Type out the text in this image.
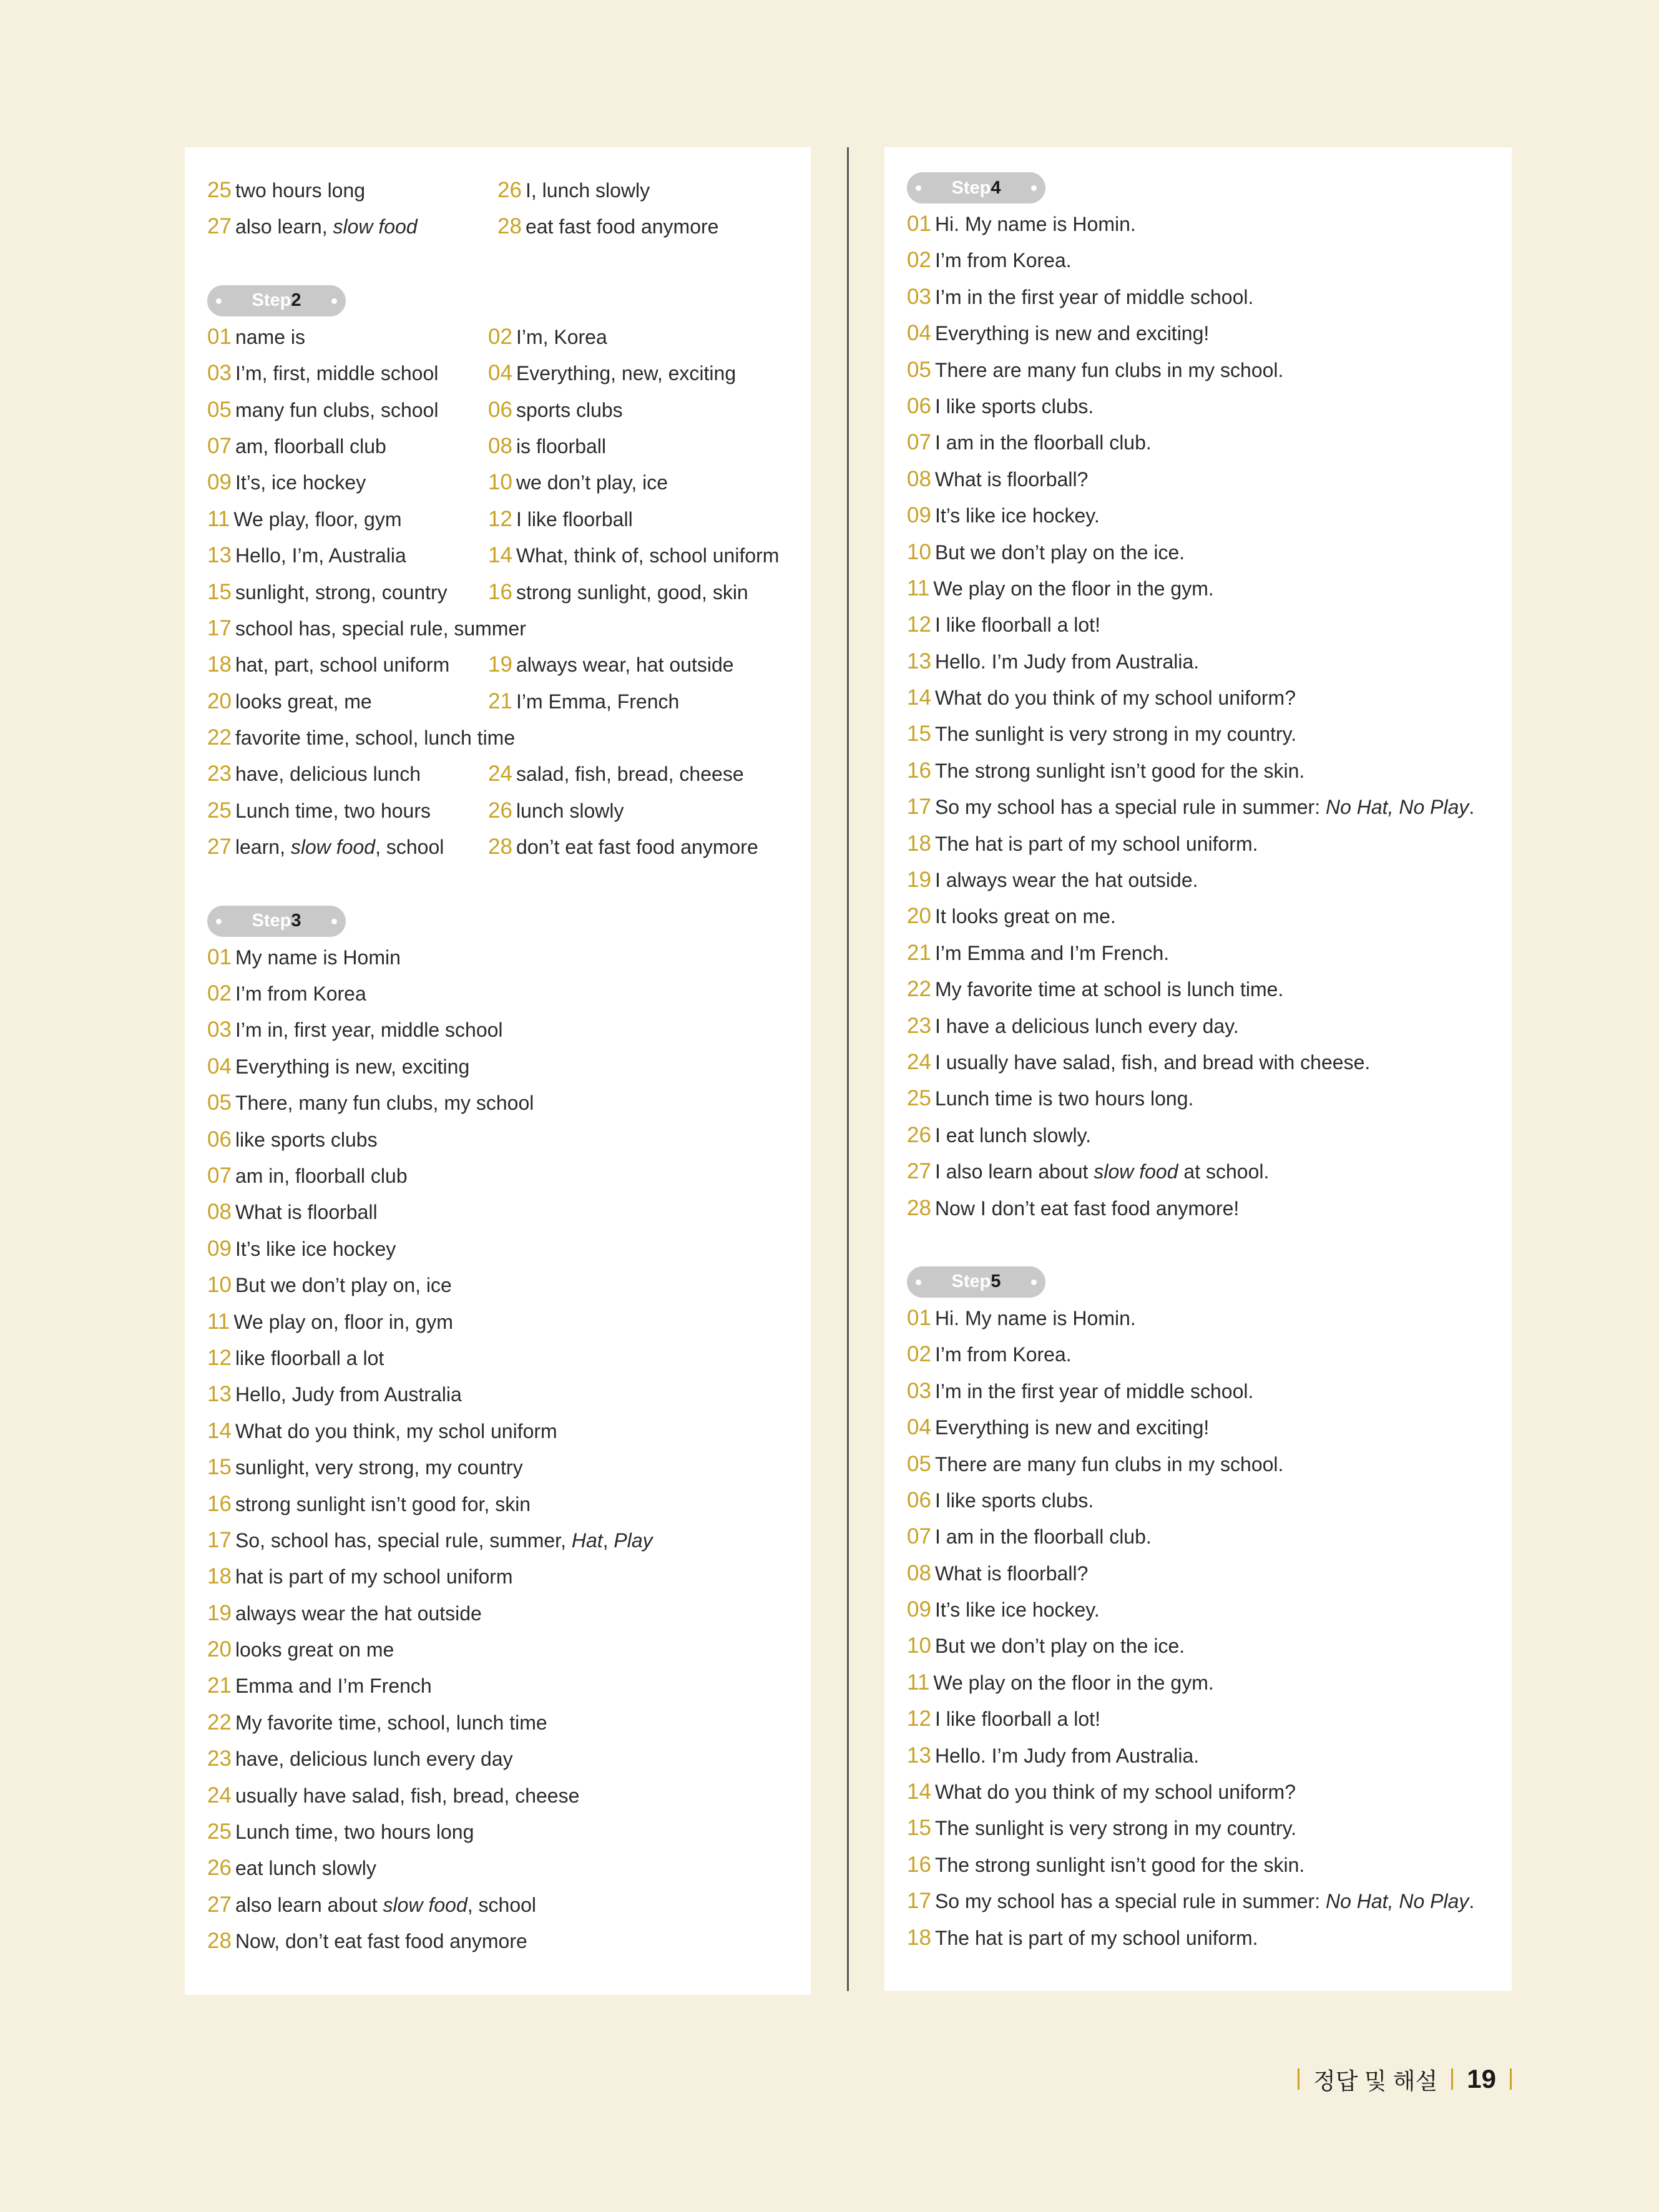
25 two hours long	26 I, lunch slowly
27 also learn, slow food	28 eat fast food anymore
Step 2
01 name is	02 I’m, Korea
03 I’m, first, middle school	04 Everything, new, exciting
05 many fun clubs, school	06 sports clubs
07 am, floorball club	08 is floorball
09 It’s, ice hockey	10 we don’t play, ice
11 We play, floor, gym	12 I like floorball
13 Hello, I’m, Australia	14 What, think of, school uniform
15 sunlight, strong, country	16 strong sunlight, good, skin
17 school has, special rule, summer
18 hat, part, school uniform	19 always wear, hat outside
20 looks great, me	21 I’m Emma, French
22 favorite time, school, lunch time
23 have, delicious lunch	24 salad, fish, bread, cheese
25 Lunch time, two hours	26 lunch slowly
27 learn, slow food, school	28 don’t eat fast food anymore
Step 3
01 My name is Homin
02 I’m from Korea
03 I’m in, first year, middle school
04 Everything is new, exciting
05 There, many fun clubs, my school
06 like sports clubs
07 am in, floorball club
08 What is floorball
09 It’s like ice hockey
10 But we don’t play on, ice
11 We play on, floor in, gym
12 like floorball a lot
13 Hello, Judy from Australia
14 What do you think, my schol uniform
15 sunlight, very strong, my country
16 strong sunlight isn’t good for, skin
17 So, school has, special rule, summer, Hat, Play
18 hat is part of my school uniform
19 always wear the hat outside
20 looks great on me
21 Emma and I’m French
22 My favorite time, school, lunch time
23 have, delicious lunch every day
24 usually have salad, fish, bread, cheese
25 Lunch time, two hours long
26 eat lunch slowly
27 also learn about slow food, school
28 Now, don’t eat fast food anymore
Step 4
01 Hi. My name is Homin.
02 I’m from Korea.
03 I’m in the first year of middle school.
04 Everything is new and exciting!
05 There are many fun clubs in my school.
06 I like sports clubs.
07 I am in the floorball club.
08 What is floorball?
09 It’s like ice hockey.
10 But we don’t play on the ice.
11 We play on the floor in the gym.
12 I like floorball a lot!
13 Hello. I’m Judy from Australia.
14 What do you think of my school uniform?
15 The sunlight is very strong in my country.
16 The strong sunlight isn’t good for the skin.
17 So my school has a special rule in summer: No Hat, No Play.
18 The hat is part of my school uniform.
19 I always wear the hat outside.
20 It looks great on me.
21 I’m Emma and I’m French.
22 My favorite time at school is lunch time.
23 I have a delicious lunch every day.
24 I usually have salad, fish, and bread with cheese.
25 Lunch time is two hours long.
26 I eat lunch slowly.
27 I also learn about slow food at school.
28 Now I don’t eat fast food anymore!
Step 5
01 Hi. My name is Homin.
02 I’m from Korea.
03 I’m in the first year of middle school.
04 Everything is new and exciting!
05 There are many fun clubs in my school.
06 I like sports clubs.
07 I am in the floorball club.
08 What is floorball?
09 It’s like ice hockey.
10 But we don’t play on the ice.
11 We play on the floor in the gym.
12 I like floorball a lot!
13 Hello. I’m Judy from Australia.
14 What do you think of my school uniform?
15 The sunlight is very strong in my country.
16 The strong sunlight isn’t good for the skin.
17 So my school has a special rule in summer: No Hat, No Play.
18 The hat is part of my school uniform.
정답 및 해설 19
